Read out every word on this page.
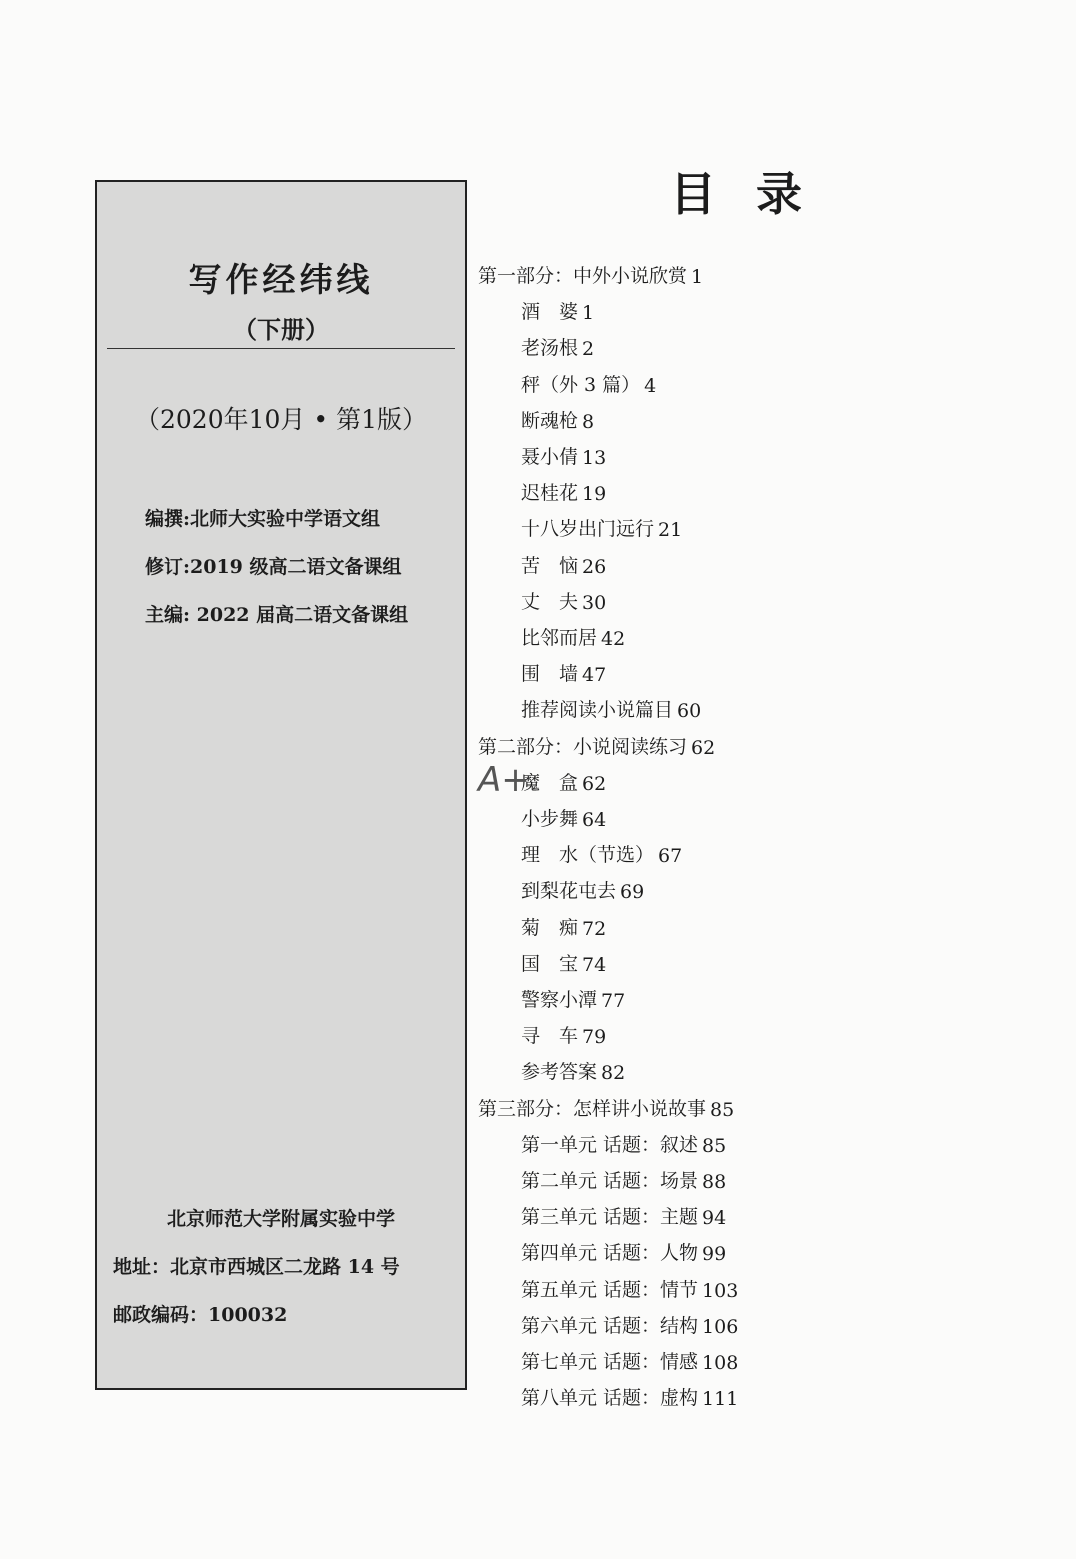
写作经纬线
（下册）
（2020年10月 • 第1版）
编撰:北师大实验中学语文组
修订:2019 级高二语文备课组
主编: 2022 届高二语文备课组
北京师范大学附属实验中学
地址：北京市西城区二龙路 14 号
邮政编码：100032
目录
第一部分：中外小说欣赏 1
酒　婆 1
老汤根 2
秤（外 3 篇） 4
断魂枪 8
聂小倩 13
迟桂花 19
十八岁出门远行 21
苦　恼 26
丈　夫 30
比邻而居 42
围　墙 47
推荐阅读小说篇目 60
第二部分：小说阅读练习 62
魔　盒 62
小步舞 64
理　水（节选） 67
到梨花屯去 69
菊　痴 72
国　宝 74
警察小潭 77
寻　车 79
参考答案 82
第三部分：怎样讲小说故事 85
第一单元 话题：叙述 85
第二单元 话题：场景 88
第三单元 话题：主题 94
第四单元 话题：人物 99
第五单元 话题：情节 103
第六单元 话题：结构 106
第七单元 话题：情感 108
第八单元 话题：虚构 111
A+
